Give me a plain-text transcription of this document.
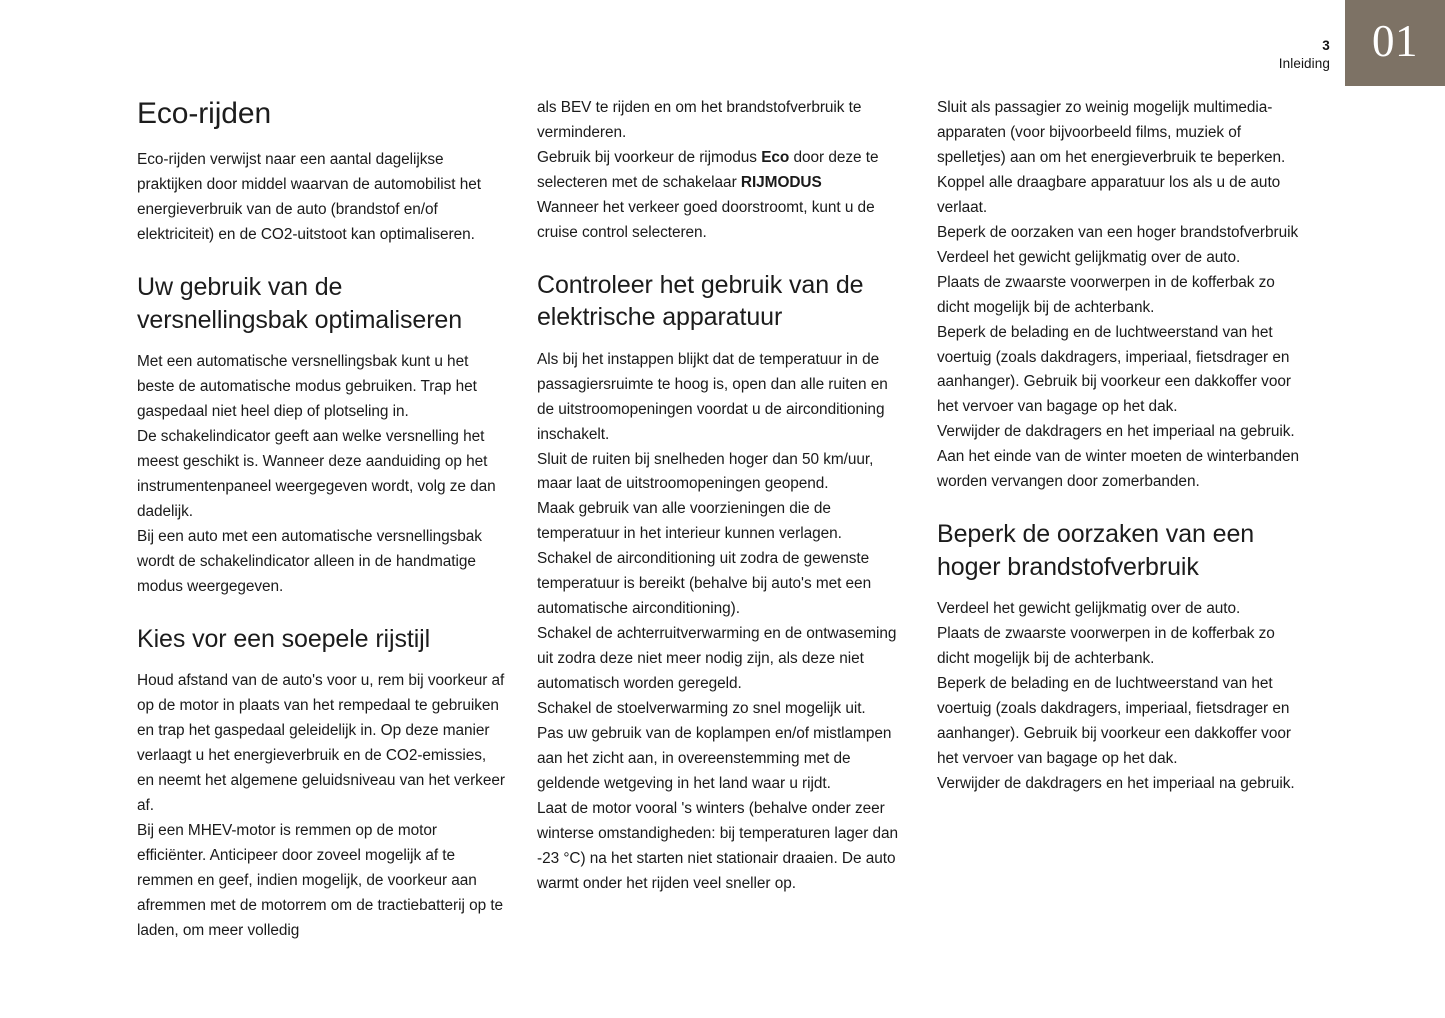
3
Inleiding 01
Eco-rijden

Eco-rijden verwijst naar een aantal dagelijkse praktijken door middel waarvan de automobilist het energieverbruik van de auto (brandstof en/of elektriciteit) en de CO2-uitstoot kan optimaliseren.

Uw gebruik van de versnellingsbak optimaliseren

Met een automatische versnellingsbak kunt u het beste de automatische modus gebruiken. Trap het gaspedaal niet heel diep of plotseling in.

De schakelindicator geeft aan welke versnelling het meest geschikt is. Wanneer deze aanduiding op het instrumentenpaneel weergegeven wordt, volg ze dan dadelijk.

Bij een auto met een automatische versnellingsbak wordt de schakelindicator alleen in de handmatige modus weergegeven.

Kies vor een soepele rijstijl

Houd afstand van de auto's voor u, rem bij voorkeur af op de motor in plaats van het rempedaal te gebruiken en trap het gaspedaal geleidelijk in. Op deze manier verlaagt u het energieverbruik en de CO2-emissies, en neemt het algemene geluidsniveau van het verkeer af.

Bij een MHEV-motor is remmen op de motor efficiënter. Anticipeer door zoveel mogelijk af te remmen en geef, indien mogelijk, de voorkeur aan afremmen met de motorrem om de tractiebatterij op te laden, om meer volledig

als BEV te rijden en om het brandstofverbruik te verminderen.

Gebruik bij voorkeur de rijmodus Eco door deze te selecteren met de schakelaar RIJMODUS

Wanneer het verkeer goed doorstroomt, kunt u de cruise control selecteren.

Controleer het gebruik van de elektrische apparatuur

Als bij het instappen blijkt dat de temperatuur in de passagiersruimte te hoog is, open dan alle ruiten en de uitstroomopeningen voordat u de airconditioning inschakelt.

Sluit de ruiten bij snelheden hoger dan 50 km/uur, maar laat de uitstroomopeningen geopend.

Maak gebruik van alle voorzieningen die de temperatuur in het interieur kunnen verlagen.

Schakel de airconditioning uit zodra de gewenste temperatuur is bereikt (behalve bij auto's met een automatische airconditioning).

Schakel de achterruitverwarming en de ontwaseming uit zodra deze niet meer nodig zijn, als deze niet automatisch worden geregeld.

Schakel de stoelverwarming zo snel mogelijk uit.

Pas uw gebruik van de koplampen en/of mistlampen aan het zicht aan, in overeenstemming met de geldende wetgeving in het land waar u rijdt.

Laat de motor vooral 's winters (behalve onder zeer winterse omstandigheden: bij temperaturen lager dan -23 °C) na het starten niet stationair draaien. De auto warmt onder het rijden veel sneller op.

Sluit als passagier zo weinig mogelijk multimedia-apparaten (voor bijvoorbeeld films, muziek of spelletjes) aan om het energieverbruik te beperken.

Koppel alle draagbare apparatuur los als u de auto verlaat.

Beperk de oorzaken van een hoger brandstofverbruik

Verdeel het gewicht gelijkmatig over de auto.

Plaats de zwaarste voorwerpen in de kofferbak zo dicht mogelijk bij de achterbank.

Beperk de belading en de luchtweerstand van het voertuig (zoals dakdragers, imperiaal, fietsdrager en aanhanger). Gebruik bij voorkeur een dakkoffer voor het vervoer van bagage op het dak.

Verwijder de dakdragers en het imperiaal na gebruik.

Aan het einde van de winter moeten de winterbanden worden vervangen door zomerbanden.

Beperk de oorzaken van een hoger brandstofverbruik

Verdeel het gewicht gelijkmatig over de auto.

Plaats de zwaarste voorwerpen in de kofferbak zo dicht mogelijk bij de achterbank.

Beperk de belading en de luchtweerstand van het voertuig (zoals dakdragers, imperiaal, fietsdrager en aanhanger). Gebruik bij voorkeur een dakkoffer voor het vervoer van bagage op het dak.

Verwijder de dakdragers en het imperiaal na gebruik.
